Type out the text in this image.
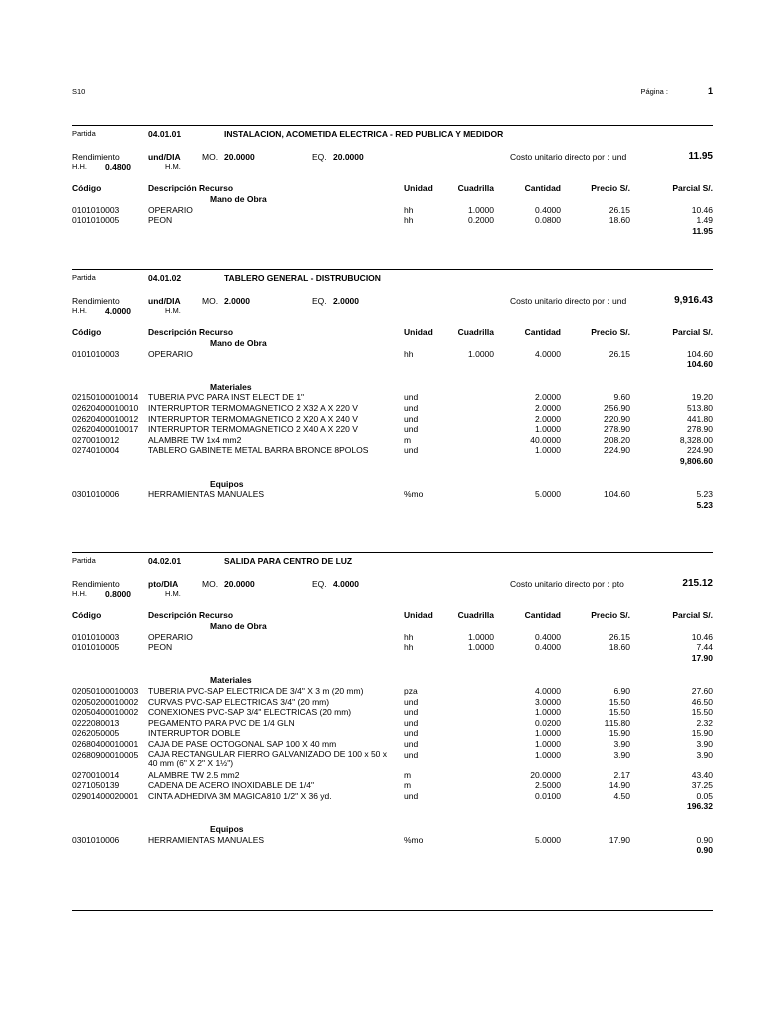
S10	Página :	1
Partida	04.01.01	INSTALACION, ACOMETIDA ELECTRICA - RED PUBLICA Y MEDIDOR
Rendimiento	und/DIA	MO. 20.0000	EQ. 20.0000	Costo unitario directo por : und	11.95
H.H. 0.4800	H.M.
Código	Descripción Recurso	Unidad	Cuadrilla	Cantidad	Precio S/.	Parcial S/.
Mano de Obra
0101010003	OPERARIO	hh	1.0000	0.4000	26.15	10.46
0101010005	PEON	hh	0.2000	0.0800	18.60	1.49
11.95
Partida	04.01.02	TABLERO GENERAL - DISTRUBUCION
Rendimiento	und/DIA	MO. 2.0000	EQ. 2.0000	Costo unitario directo por : und	9,916.43
H.H. 4.0000	H.M.
Código	Descripción Recurso	Unidad	Cuadrilla	Cantidad	Precio S/.	Parcial S/.
Mano de Obra
0101010003	OPERARIO	hh	1.0000	4.0000	26.15	104.60
104.60
Materiales
02150100010014 TUBERIA PVC PARA INST ELECT DE 1"	und	2.0000	9.60	19.20
02620400010010 INTERRUPTOR TERMOMAGNETICO 2 X32 A X 220 V	und	2.0000	256.90	513.80
02620400010012 INTERRUPTOR TERMOMAGNETICO 2 X20 A X 240 V	und	2.0000	220.90	441.80
02620400010017 INTERRUPTOR TERMOMAGNETICO 2 X40 A X 220 V	und	1.0000	278.90	278.90
0270010012	ALAMBRE TW 1x4 mm2	m	40.0000	208.20	8,328.00
0274010004	TABLERO GABINETE METAL BARRA BRONCE 8POLOS	und	1.0000	224.90	224.90
9,806.60
Equipos
0301010006	HERRAMIENTAS MANUALES	%mo	5.0000	104.60	5.23
5.23
Partida	04.02.01	SALIDA PARA CENTRO DE LUZ
Rendimiento	pto/DIA	MO. 20.0000	EQ. 4.0000	Costo unitario directo por : pto	215.12
H.H. 0.8000	H.M.
Código	Descripción Recurso	Unidad	Cuadrilla	Cantidad	Precio S/.	Parcial S/.
Mano de Obra
0101010003	OPERARIO	hh	1.0000	0.4000	26.15	10.46
0101010005	PEON	hh	1.0000	0.4000	18.60	7.44
17.90
Materiales
02050100010003 TUBERIA PVC-SAP ELECTRICA DE 3/4" X 3 m (20 mm)	pza	4.0000	6.90	27.60
02050200010002 CURVAS PVC-SAP ELECTRICAS 3/4" (20 mm)	und	3.0000	15.50	46.50
02050400010002 CONEXIONES PVC-SAP 3/4" ELECTRICAS (20 mm)	und	1.0000	15.50	15.50
0222080013	PEGAMENTO PARA PVC DE 1/4 GLN	und	0.0200	115.80	2.32
0262050005	INTERRUPTOR DOBLE	und	1.0000	15.90	15.90
02680400010001 CAJA DE PASE OCTOGONAL SAP 100 X 40 mm	und	1.0000	3.90	3.90
02680900010005 CAJA RECTANGULAR FIERRO GALVANIZADO DE 100 x 50 x 40 mm (6" X 2" X 1½")
und	1.0000	3.90	3.90
0270010014	ALAMBRE TW 2.5 mm2	m	20.0000	2.17	43.40
0271050139	CADENA DE ACERO INOXIDABLE DE 1/4"	m	2.5000	14.90	37.25
02901400020001 CINTA ADHEDIVA 3M MAGICA810 1/2" X 36 yd.	und	0.0100	4.50	0.05
196.32
Equipos
0301010006	HERRAMIENTAS MANUALES	%mo	5.0000	17.90	0.90
0.90
